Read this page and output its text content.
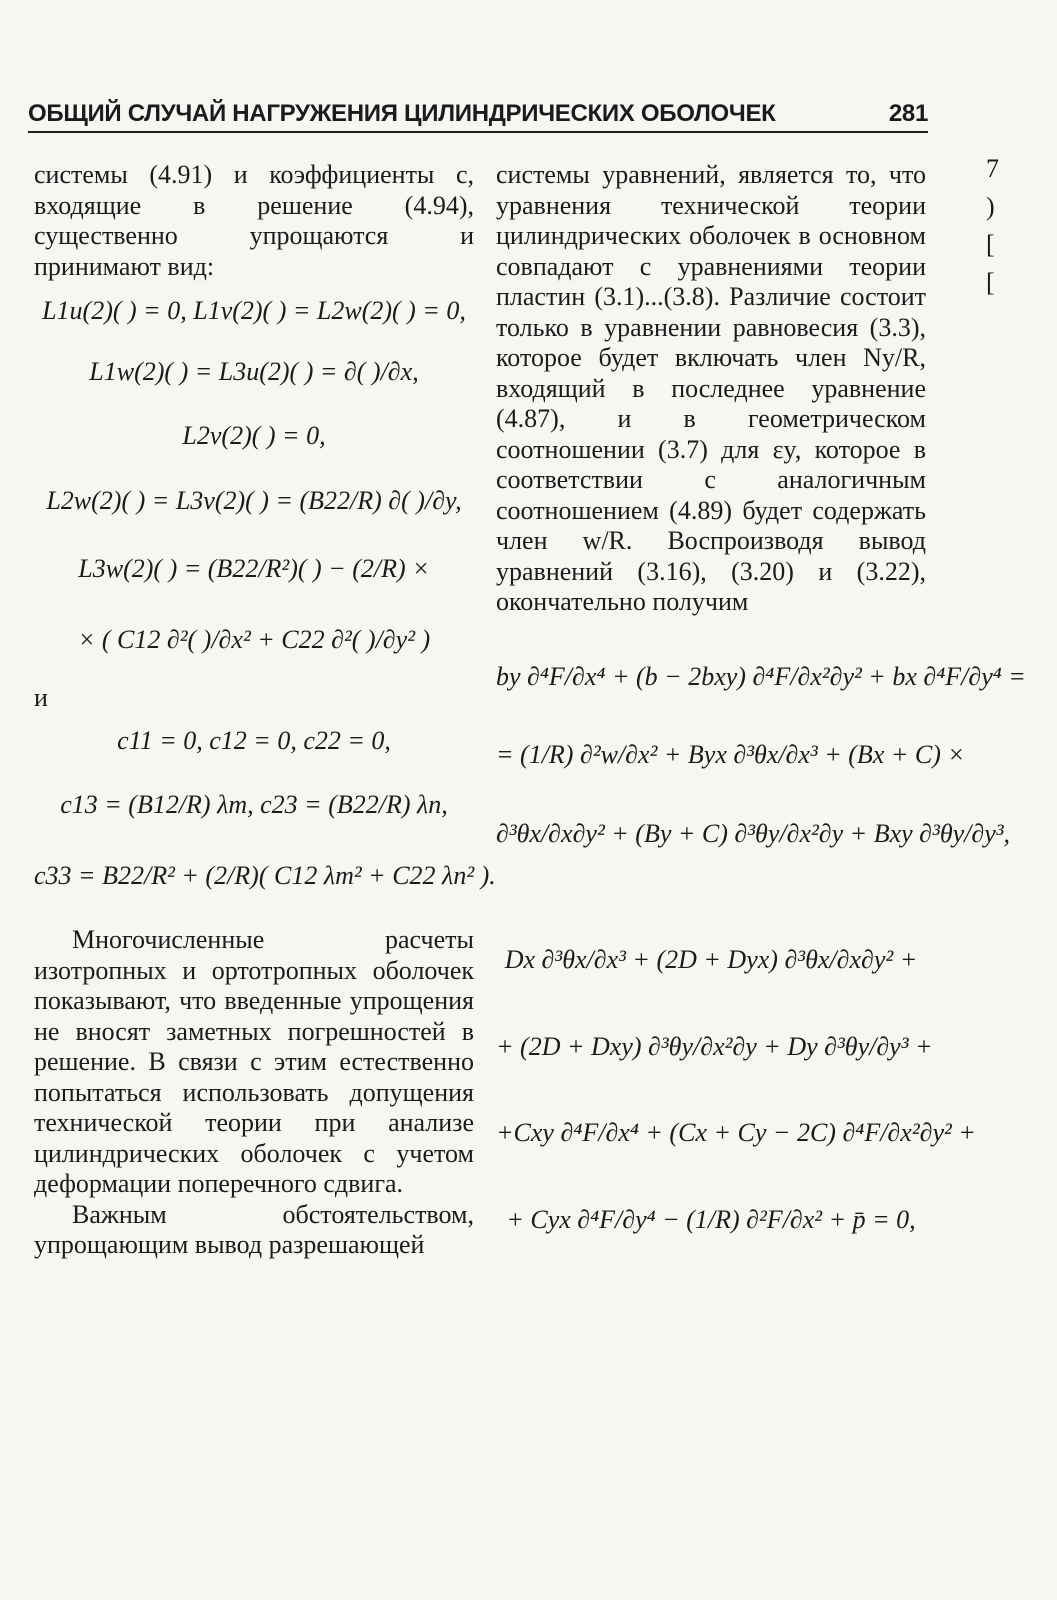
ОБЩИЙ СЛУЧАЙ НАГРУЖЕНИЯ ЦИЛИНДРИЧЕСКИХ ОБОЛОЧЕК	281

системы (4.91) и коэффициенты c, входящие в решение (4.94), существенно упрощаются и принимают вид:

L1u(2)( ) = 0, L1v(2)( ) = L2w(2)( ) = 0,
L1w(2)( ) = L3u(2)( ) = ∂( )/∂x,
L2v(2)( ) = 0,
L2w(2)( ) = L3v(2)( ) = (B22/R) ∂( )/∂y,
L3w(2)( ) = (B22/R²)( ) − (2/R) ×
× ( C12 ∂²( )/∂x² + C22 ∂²( )/∂y² )

и

c11 = 0, c12 = 0, c22 = 0,
c13 = (B12/R) λm, c23 = (B22/R) λn,
c33 = B22/R² + (2/R)( C12 λm² + C22 λn² ).

Многочисленные расчеты изотропных и ортотропных оболочек показывают, что введенные упрощения не вносят заметных погрешностей в решение. В связи с этим естественно попытаться использовать допущения технической теории при анализе цилиндрических оболочек с учетом деформации поперечного сдвига.

Важным обстоятельством, упрощающим вывод разрешающей

системы уравнений, является то, что уравнения технической теории цилиндрических оболочек в основном совпадают с уравнениями теории пластин (3.1)...(3.8). Различие состоит только в уравнении равновесия (3.3), которое будет включать член Ny/R, входящий в последнее уравнение (4.87), и в геометрическом соотношении (3.7) для εy, которое в соответствии с аналогичным соотношением (4.89) будет содержать член w/R. Воспроизводя вывод уравнений (3.16), (3.20) и (3.22), окончательно получим

by ∂⁴F/∂x⁴ + (b − 2bxy) ∂⁴F/∂x²∂y² + bx ∂⁴F/∂y⁴ =
= (1/R) ∂²w/∂x² + Byx ∂³θx/∂x³ + (Bx + C) ×
∂³θx/∂x∂y² + (By + C) ∂³θy/∂x²∂y + Bxy ∂³θy/∂y³,
Dx ∂³θx/∂x³ + (2D + Dyx) ∂³θx/∂x∂y² +
+ (2D + Dxy) ∂³θy/∂x²∂y + Dy ∂³θy/∂y³ +
+Cxy ∂⁴F/∂x⁴ + (Cx + Cy − 2C) ∂⁴F/∂x²∂y² +
+ Cyx ∂⁴F/∂y⁴ − (1/R) ∂²F/∂x² + p̄ = 0,
7
)
[
[
